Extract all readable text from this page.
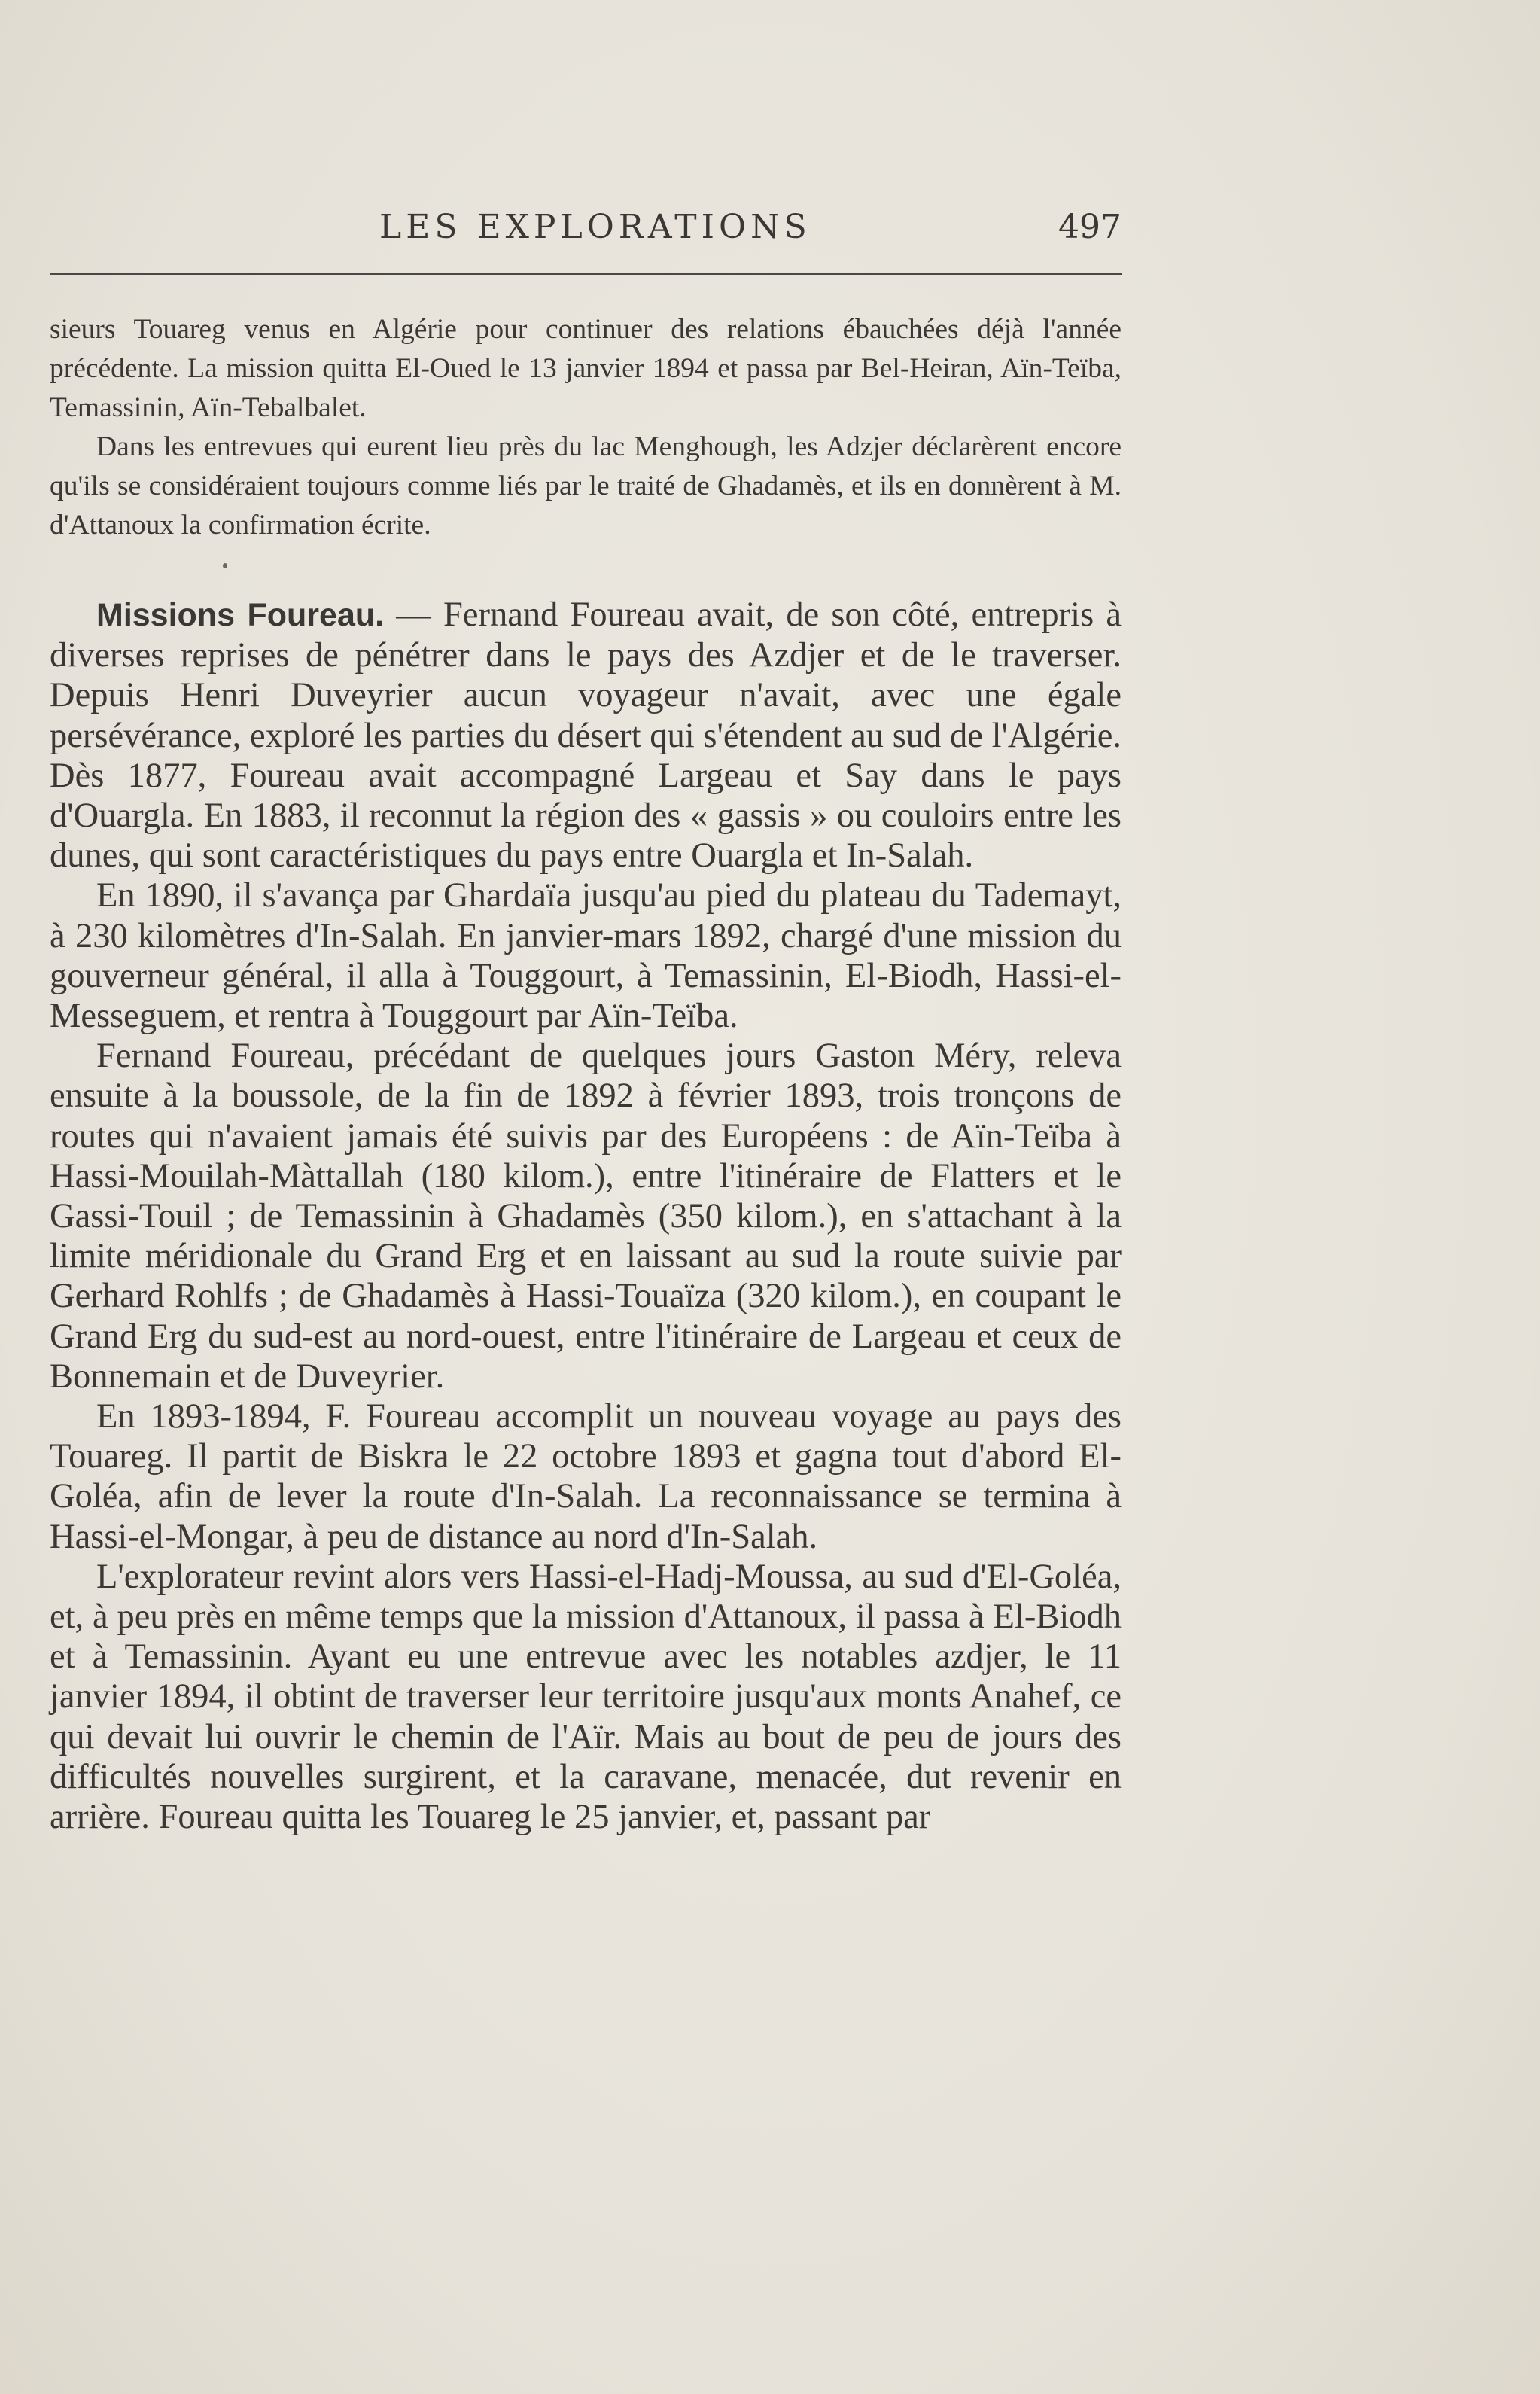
LES EXPLORATIONS	497

sieurs Touareg venus en Algérie pour continuer des relations ébauchées déjà l'année précédente. La mission quitta El-Oued le 13 janvier 1894 et passa par Bel-Heiran, Aïn-Teïba, Temassinin, Aïn-Tebalbalet.

Dans les entrevues qui eurent lieu près du lac Menghough, les Adzjer déclarèrent encore qu'ils se considéraient toujours comme liés par le traité de Ghadamès, et ils en donnèrent à M. d'Attanoux la confirmation écrite.

Missions Foureau. — Fernand Foureau avait, de son côté, entrepris à diverses reprises de pénétrer dans le pays des Azdjer et de le traverser. Depuis Henri Duveyrier aucun voyageur n'avait, avec une égale persévérance, exploré les parties du désert qui s'étendent au sud de l'Algérie. Dès 1877, Foureau avait accompagné Largeau et Say dans le pays d'Ouargla. En 1883, il reconnut la région des « gassis » ou couloirs entre les dunes, qui sont caractéristiques du pays entre Ouargla et In-Salah.

En 1890, il s'avança par Ghardaïa jusqu'au pied du plateau du Tademayt, à 230 kilomètres d'In-Salah. En janvier-mars 1892, chargé d'une mission du gouverneur général, il alla à Touggourt, à Temassinin, El-Biodh, Hassi-el-Messeguem, et rentra à Touggourt par Aïn-Teïba.

Fernand Foureau, précédant de quelques jours Gaston Méry, releva ensuite à la boussole, de la fin de 1892 à février 1893, trois tronçons de routes qui n'avaient jamais été suivis par des Européens : de Aïn-Teïba à Hassi-Mouilah-Màttallah (180 kilom.), entre l'itinéraire de Flatters et le Gassi-Touil ; de Temassinin à Ghadamès (350 kilom.), en s'attachant à la limite méridionale du Grand Erg et en laissant au sud la route suivie par Gerhard Rohlfs ; de Ghadamès à Hassi-Touaïza (320 kilom.), en coupant le Grand Erg du sud-est au nord-ouest, entre l'itinéraire de Largeau et ceux de Bonnemain et de Duveyrier.

En 1893-1894, F. Foureau accomplit un nouveau voyage au pays des Touareg. Il partit de Biskra le 22 octobre 1893 et gagna tout d'abord El-Goléa, afin de lever la route d'In-Salah. La reconnaissance se termina à Hassi-el-Mongar, à peu de distance au nord d'In-Salah.

L'explorateur revint alors vers Hassi-el-Hadj-Moussa, au sud d'El-Goléa, et, à peu près en même temps que la mission d'Attanoux, il passa à El-Biodh et à Temassinin. Ayant eu une entrevue avec les notables azdjer, le 11 janvier 1894, il obtint de traverser leur territoire jusqu'aux monts Anahef, ce qui devait lui ouvrir le chemin de l'Aïr. Mais au bout de peu de jours des difficultés nouvelles surgirent, et la caravane, menacée, dut revenir en arrière. Foureau quitta les Touareg le 25 janvier, et, passant par
